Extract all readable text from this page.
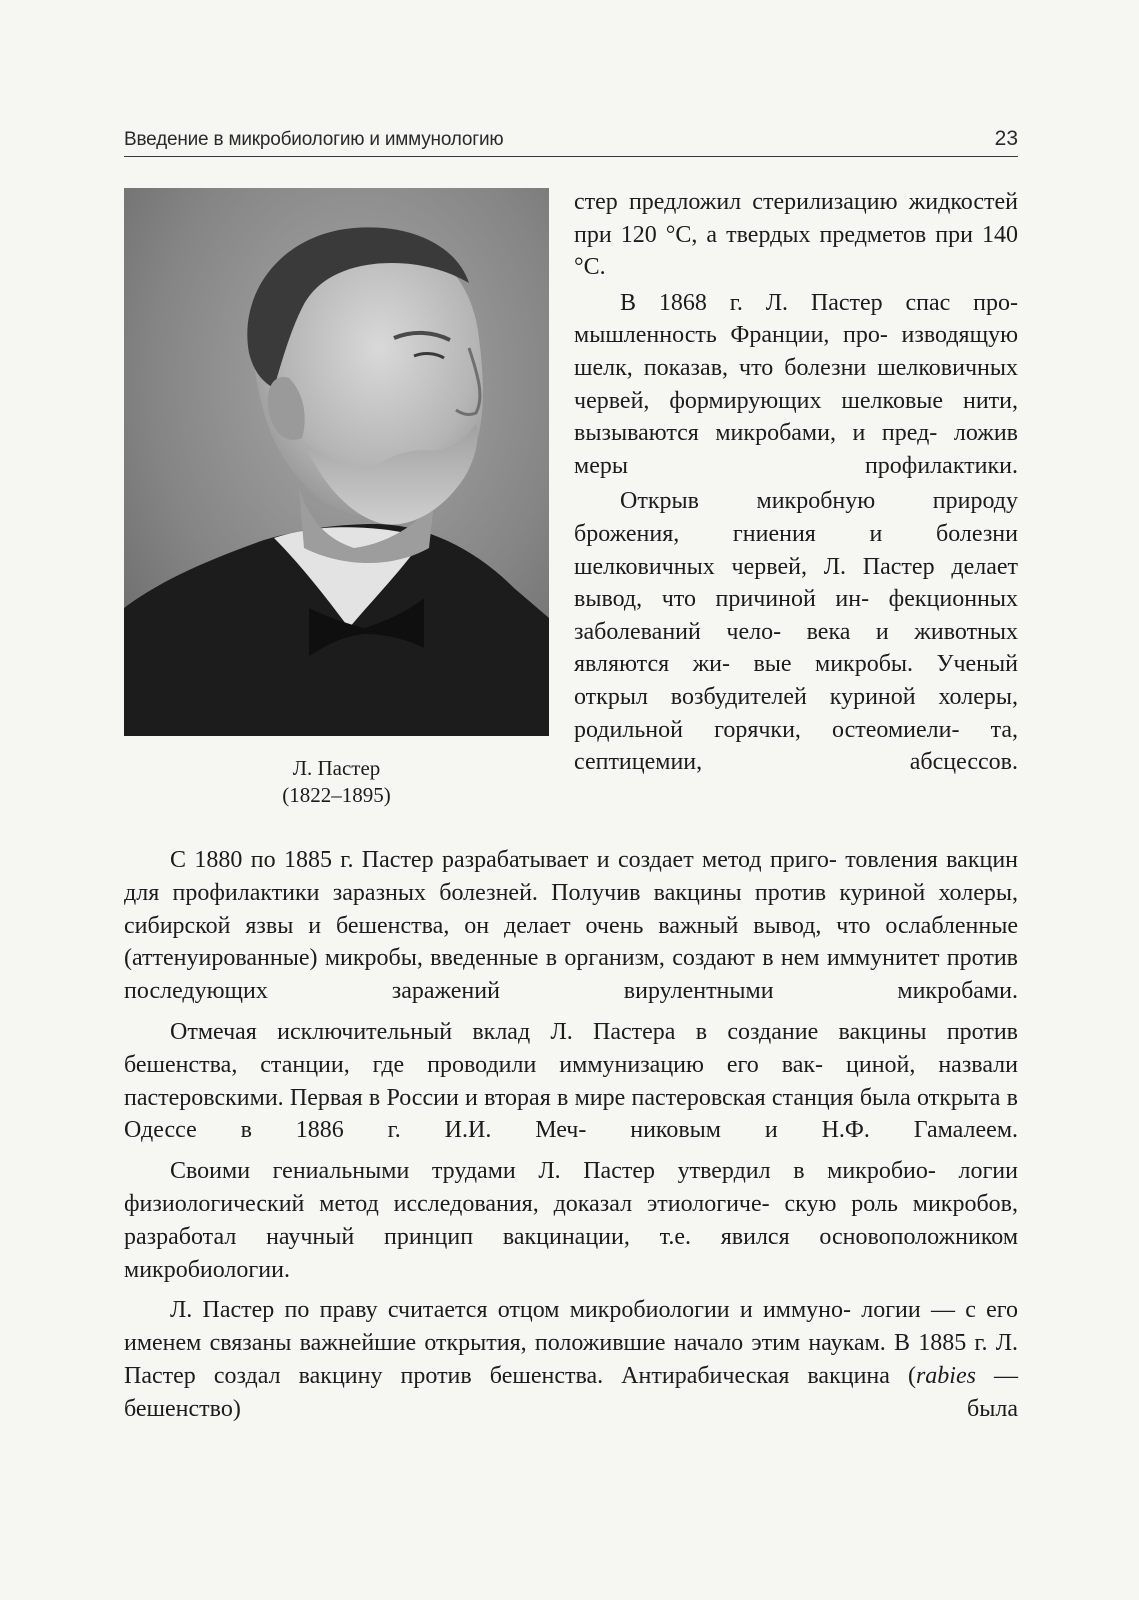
Введение в микробиологию и иммунологию	23
Л. Пастер
(1822–1895)

стер предложил стерилизацию жидкостей при 120 °С, а твердых предметов при 140 °С.

В 1868 г. Л. Пастер спас про- мышленность Франции, про- изводящую шелк, показав, что болезни шелковичных червей, формирующих шелковые нити, вызываются микробами, и пред- ложив меры профилактики.

Открыв микробную природу брожения, гниения и болезни шелковичных червей, Л. Пастер делает вывод, что причиной ин- фекционных заболеваний чело- века и животных являются жи- вые микробы. Ученый открыл возбудителей куриной холеры, родильной горячки, остеомиели- та, септицемии, абсцессов.

С 1880 по 1885 г. Пастер разрабатывает и создает метод приго- товления вакцин для профилактики заразных болезней. Получив вакцины против куриной холеры, сибирской язвы и бешенства, он делает очень важный вывод, что ослабленные (аттенуированные) микробы, введенные в организм, создают в нем иммунитет против последующих заражений вирулентными микробами.

Отмечая исключительный вклад Л. Пастера в создание вакцины против бешенства, станции, где проводили иммунизацию его вак- циной, назвали пастеровскими. Первая в России и вторая в мире пастеровская станция была открыта в Одессе в 1886 г. И.И. Меч- никовым и Н.Ф. Гамалеем.

Своими гениальными трудами Л. Пастер утвердил в микробио- логии физиологический метод исследования, доказал этиологиче- скую роль микробов, разработал научный принцип вакцинации, т.е. явился основоположником микробиологии.

Л. Пастер по праву считается отцом микробиологии и иммуно- логии — с его именем связаны важнейшие открытия, положившие начало этим наукам. В 1885 г. Л. Пастер создал вакцину против бешенства. Антирабическая вакцина (rabies — бешенство) была
